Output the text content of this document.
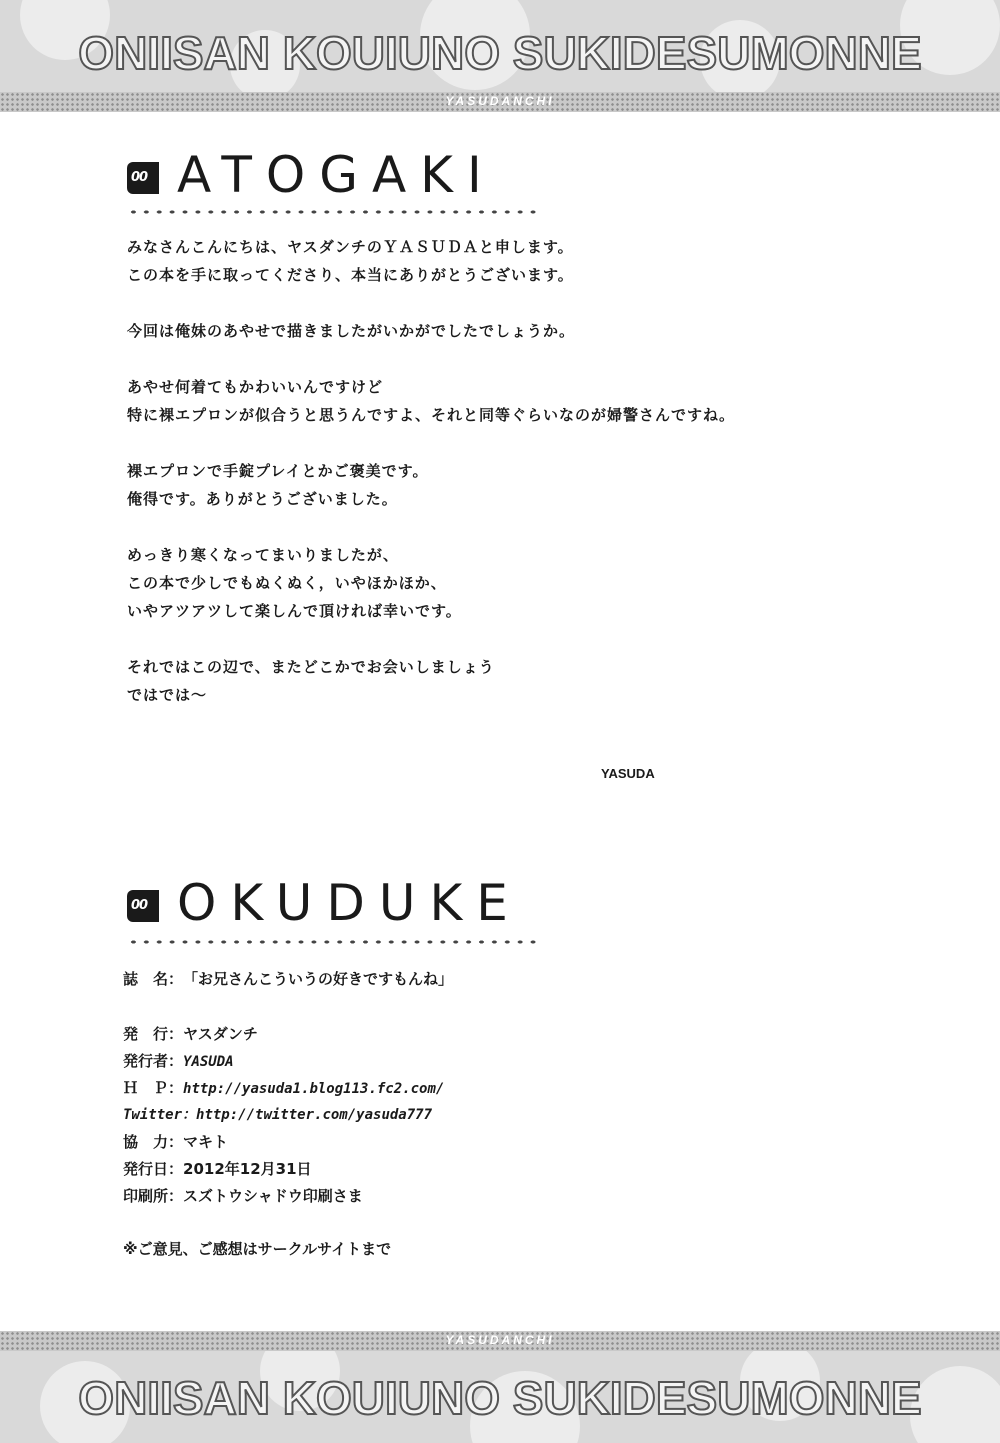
ONIISAN KOUIUNO SUKIDESUMONNE
YASUDANCHI
00 ATOGAKI
みなさんこんにちは、ヤスダンチのＹＡＳＵＤＡと申します。
この本を手に取ってくださり、本当にありがとうございます。
今回は俺妹のあやせで描きましたがいかがでしたでしょうか。
あやせ何着てもかわいいんですけど
特に裸エプロンが似合うと思うんですよ、それと同等ぐらいなのが婦警さんですね。
裸エプロンで手錠プレイとかご褒美です。
俺得です。ありがとうございました。
めっきり寒くなってまいりましたが、
この本で少しでもぬくぬく，いやほかほか、
いやアツアツして楽しんで頂ければ幸いです。
それではこの辺で、またどこかでお会いしましょう
ではでは～
YASUDA
00 OKUDUKE
誌　名：「お兄さんこういうの好きですもんね」
発　行：ヤスダンチ
発行者：YASUDA
Ｈ　Ｐ：http://yasuda1.blog113.fc2.com/
Twitter：http://twitter.com/yasuda777
協　力：マキト
発行日：2012年12月31日
印刷所：スズトウシャドウ印刷さま
※ご意見、ご感想はサークルサイトまで
YASUDANCHI
ONIISAN KOUIUNO SUKIDESUMONNE
